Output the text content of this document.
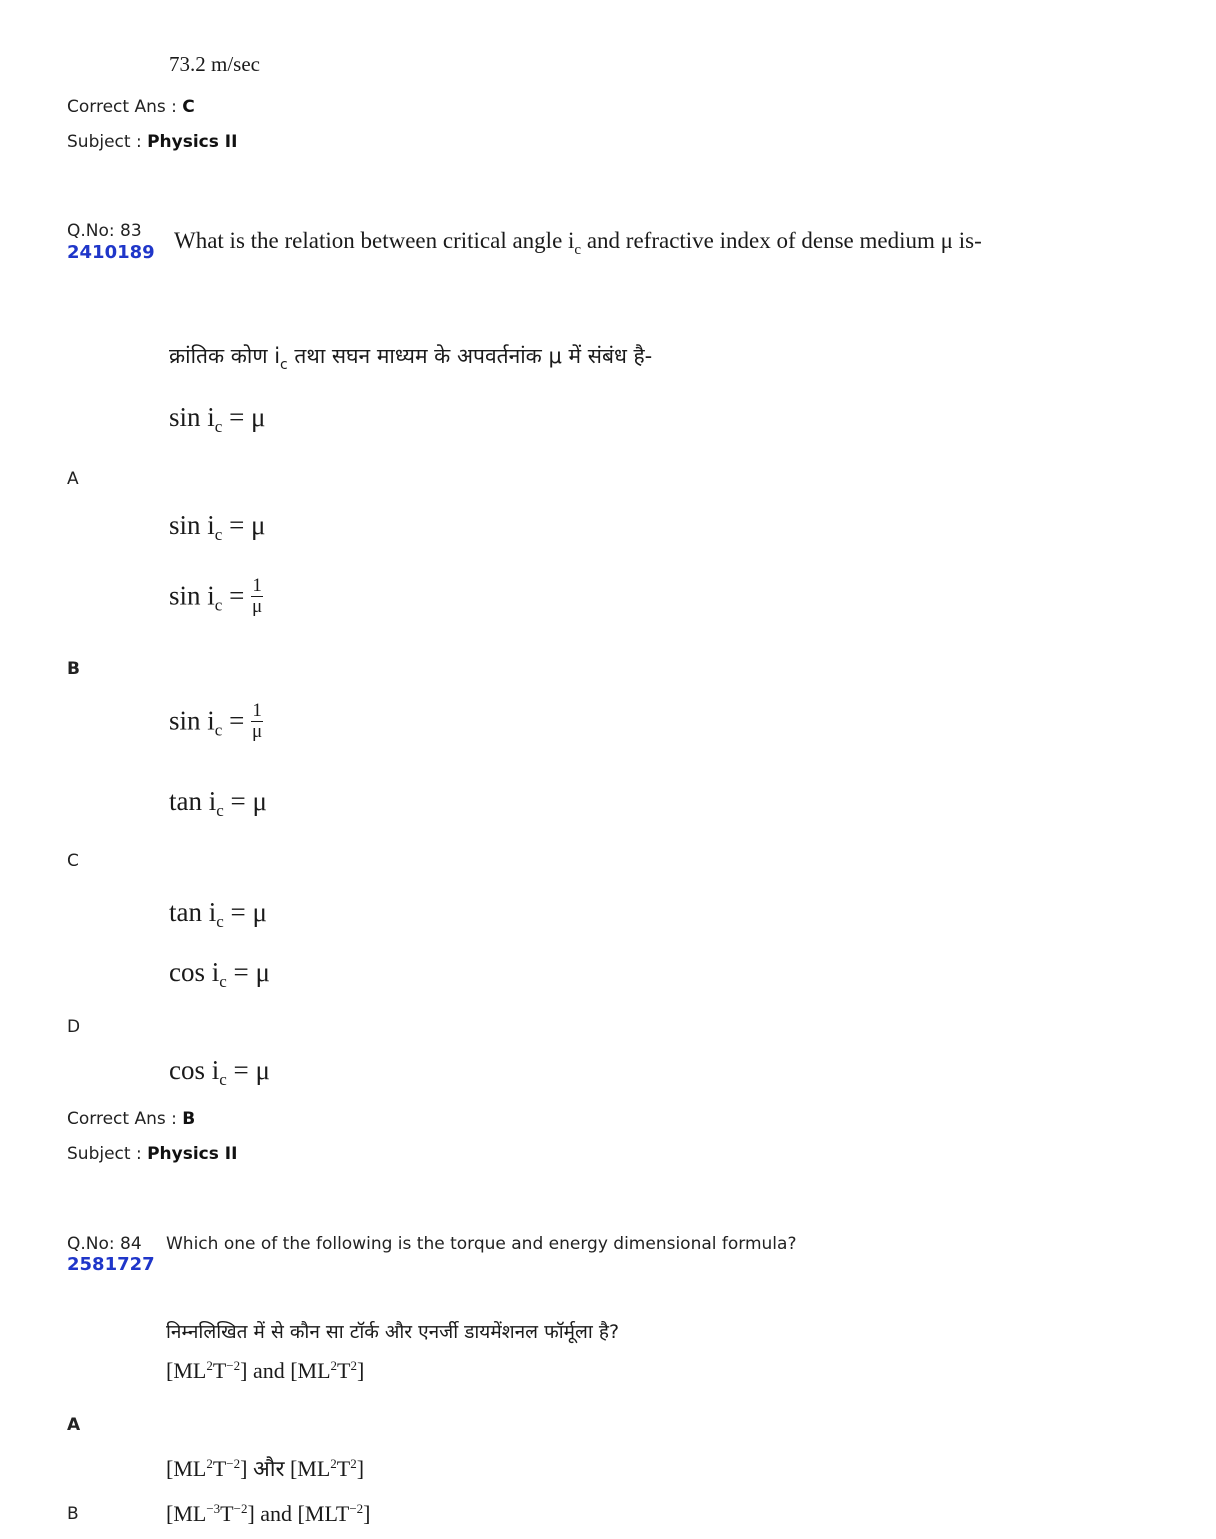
73.2 m/sec
Correct Ans : C
Subject : Physics II
Q.No: 83
2410189 What is the relation between critical angle $i_c$ and refractive index of dense medium μ is-
क्रांतिक कोण $i_c$ तथा सघन माध्यम के अपवर्तनांक μ में संबंध है-
$\sin i_c = \mu$
A
$\sin i_c = \mu$
$\sin i_c = \frac{1}{\mu}$
B
$\sin i_c = \frac{1}{\mu}$
$\tan i_c = \mu$
C
$\tan i_c = \mu$
$\cos i_c = \mu$
D
$\cos i_c = \mu$
Correct Ans : B
Subject : Physics II
Q.No: 84
2581727
Which one of the following is the torque and energy dimensional formula?
निम्नलिखित में से कौन सा टॉर्क और एनर्जी डायमेंशनल फॉर्मूला है?
$[ML^2T^{-2}]$ and $[ML^2T^2]$
A
$[ML^2T^{-2}]$ और $[ML^2T^2]$
B	$[ML^{-3}T^{-2}]$ and $[MLT^{-2}]$
